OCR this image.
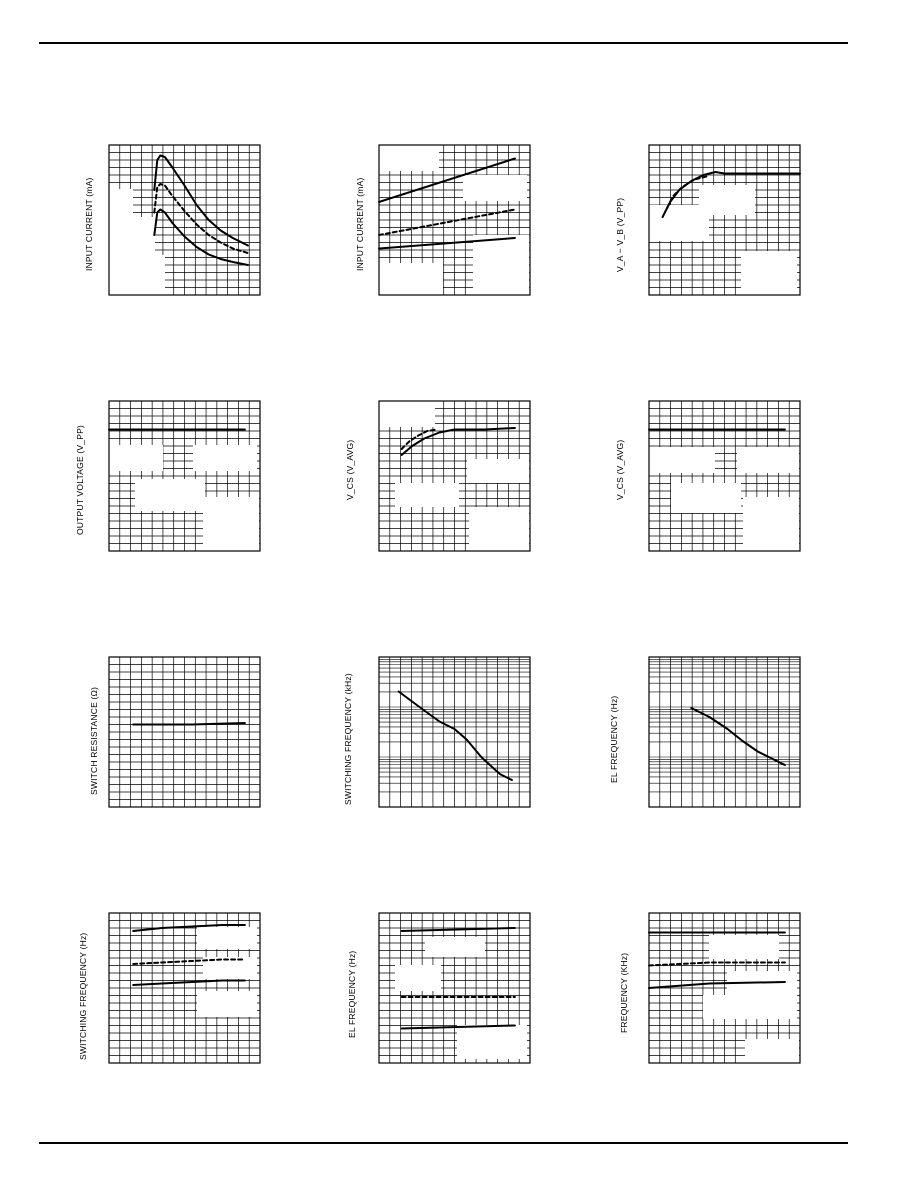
INPUT CURRENT (mA)	INPUT CURRENT (mA)	V_A − V_B (V_PP)
OUTPUT VOLTAGE (V_PP)	V_CS (V_AVG)	V_CS (V_AVG)
SWITCH RESISTANCE (Ω)	SWITCHING FREQUENCY (kHz)	EL FREQUENCY (Hz)
SWITCHING FREQUENCY (Hz)	EL FREQUENCY (Hz)	FREQUENCY (KHz)
